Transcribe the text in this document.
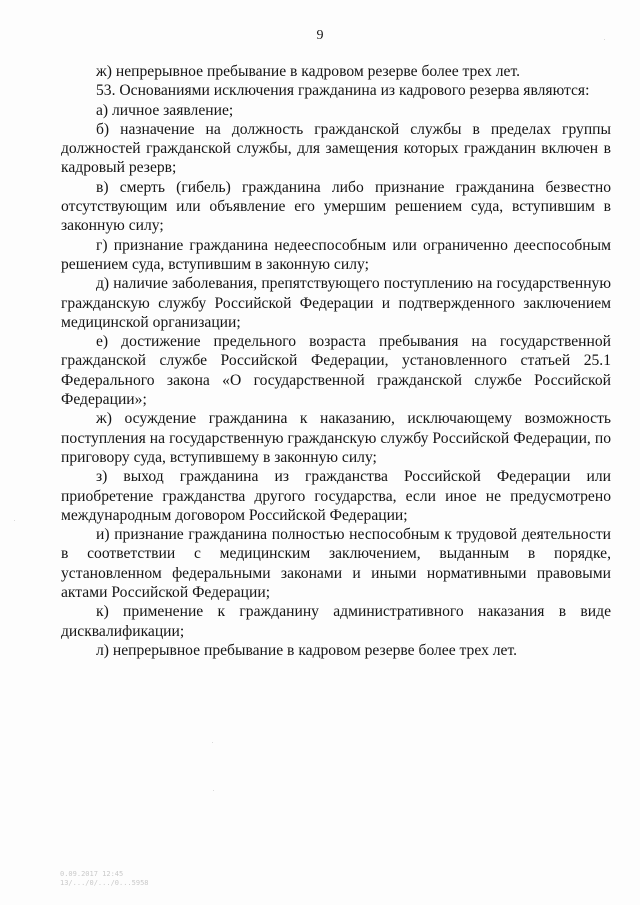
9

ж) непрерывное пребывание в кадровом резерве более трех лет.

53. Основаниями исключения гражданина из кадрового резерва являются:

а) личное заявление;

б) назначение на должность гражданской службы в пределах группы должностей гражданской службы, для замещения которых гражданин включен в кадровый резерв;

в) смерть (гибель) гражданина либо признание гражданина безвестно отсутствующим или объявление его умершим решением суда, вступившим в законную силу;

г) признание гражданина недееспособным или ограниченно дееспособным решением суда, вступившим в законную силу;

д) наличие заболевания, препятствующего поступлению на государственную гражданскую службу Российской Федерации и подтвержденного заключением медицинской организации;

е) достижение предельного возраста пребывания на государственной гражданской службе Российской Федерации, установленного статьей 25.1 Федерального закона «О государственной гражданской службе Российской Федерации»;

ж) осуждение гражданина к наказанию, исключающему возможность поступления на государственную гражданскую службу Российской Федерации, по приговору суда, вступившему в законную силу;

з) выход гражданина из гражданства Российской Федерации или приобретение гражданства другого государства, если иное не предусмотрено международным договором Российской Федерации;

и) признание гражданина полностью неспособным к трудовой деятельности в соответствии с медицинским заключением, выданным в порядке, установленном федеральными законами и иными нормативными правовыми актами Российской Федерации;

к) применение к гражданину административного наказания в виде дисквалификации;

л) непрерывное пребывание в кадровом резерве более трех лет.

0.09.2017 12:45
13/.../0/.../0...5958
